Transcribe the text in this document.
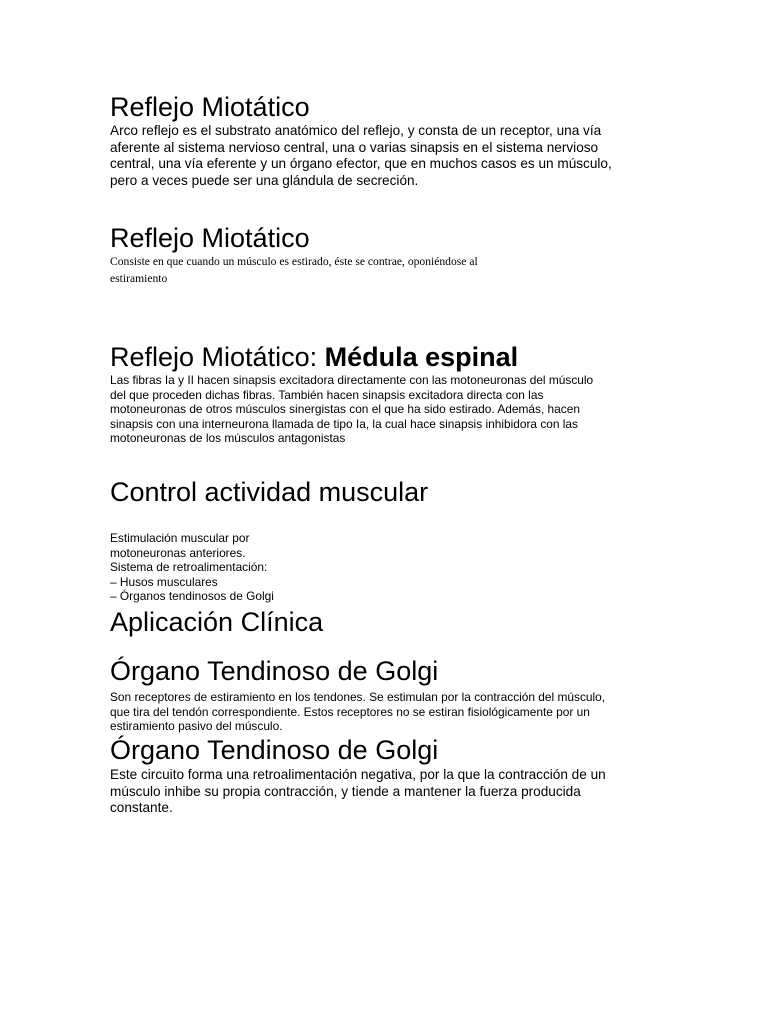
Reflejo Miotático
Arco reflejo es el substrato anatómico del reflejo, y consta de un receptor, una vía
aferente al sistema nervioso central, una o varias sinapsis en el sistema nervioso
central, una vía eferente y un órgano efector, que en muchos casos es un músculo,
pero a veces puede ser una glándula de secreción.
Reflejo Miotático
Consiste en que cuando un músculo es estirado, éste se contrae, oponiéndose al
estiramiento
Reflejo Miotático: Médula espinal
Las fibras Ia y II hacen sinapsis excitadora directamente con las motoneuronas del músculo
del que proceden dichas fibras. También hacen sinapsis excitadora directa con las
motoneuronas de otros músculos sinergistas con el que ha sido estirado. Además, hacen
sinapsis con una interneurona llamada de tipo Ia, la cual hace sinapsis inhibidora con las
motoneuronas de los músculos antagonistas
Control actividad muscular
Estimulación muscular por
motoneuronas anteriores.
Sistema de retroalimentación:
– Husos musculares
– Órganos tendinosos de Golgi
Aplicación Clínica
Órgano Tendinoso de Golgi
Son receptores de estiramiento en los tendones. Se estimulan por la contracción del músculo,
que tira del tendón correspondiente. Estos receptores no se estiran fisiológicamente por un
estiramiento pasivo del músculo.
Órgano Tendinoso de Golgi
Este circuito forma una retroalimentación negativa, por la que la contracción de un
músculo inhibe su propia contracción, y tiende a mantener la fuerza producida
constante.
